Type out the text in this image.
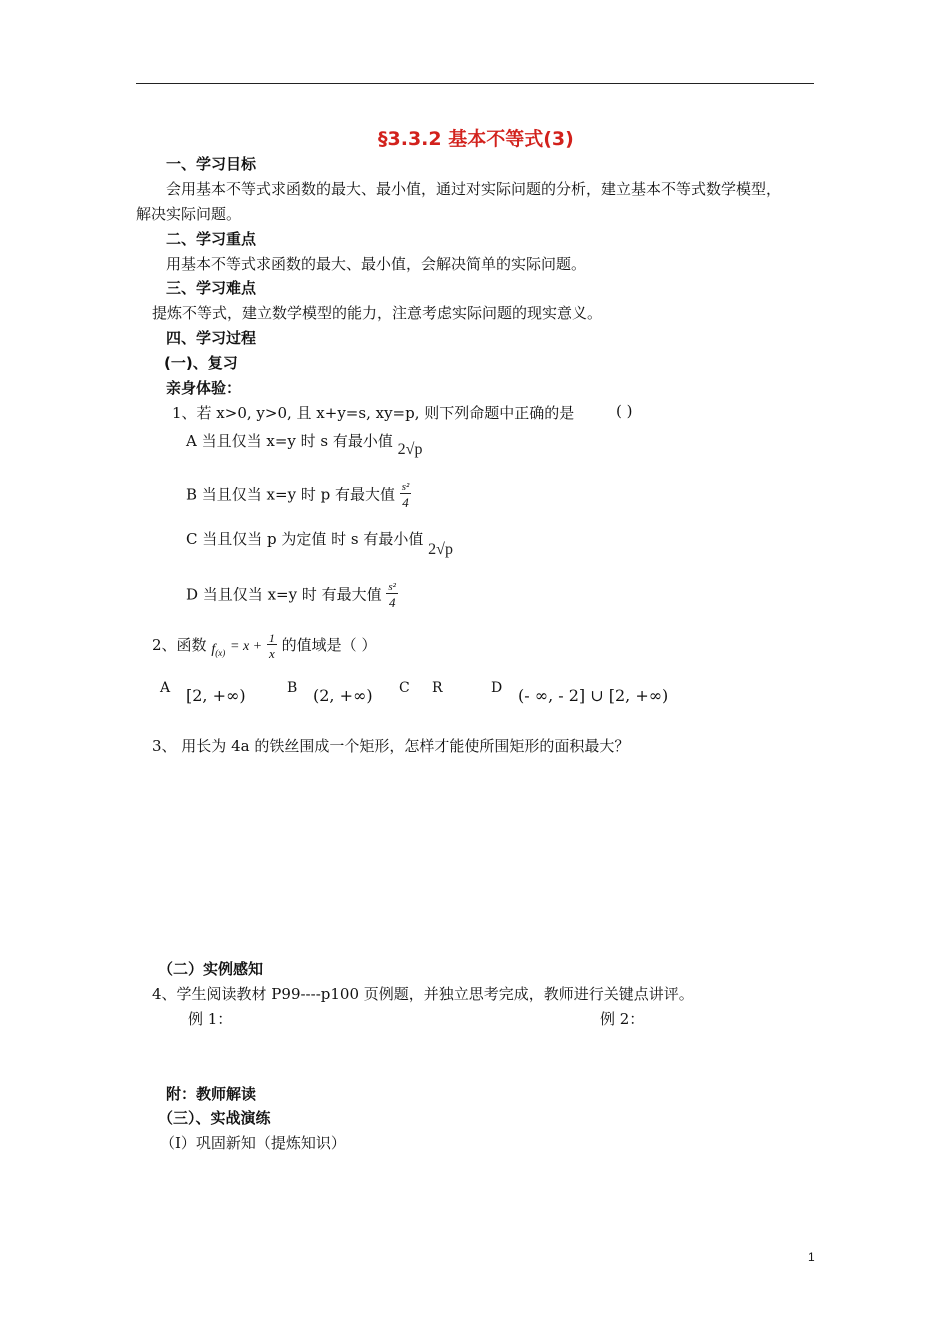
§3.3.2 基本不等式(3)
一、学习目标
会用基本不等式求函数的最大、最小值，通过对实际问题的分析，建立基本不等式数学模型，
解决实际问题。
二、学习重点
用基本不等式求函数的最大、最小值，会解决简单的实际问题。
三、学习难点
提炼不等式，建立数学模型的能力，注意考虑实际问题的现实意义。
四、学习过程
(一)、复习
亲身体验：
1、若 x>0, y>0, 且 x+y=s, xy=p, 则下列命题中正确的是	( )
A 当且仅当 x=y 时 s 有最小值 2√p
B 当且仅当 x=y 时 p 有最大值 $\frac{\text{s²}}{4}$
C 当且仅当 p 为定值 时 s 有最小值 2√p
D 当且仅当 x=y 时 有最大值 $\frac{\text{s²}}{4}$
2、函数 $f_{(x)} = x + \frac{1}{x}$ 的值域是（ ）
A [2, +∞)	B (2, +∞) C R	D (- ∞, - 2] ∪ [2, +∞)
3、 用长为 4a 的铁丝围成一个矩形，怎样才能使所围矩形的面积最大？
（二）实例感知
4、学生阅读教材 P99----p100 页例题，并独立思考完成，教师进行关键点讲评。
例 1：	例 2：
附：教师解读
（三）、实战演练
（I）巩固新知（提炼知识）
1
